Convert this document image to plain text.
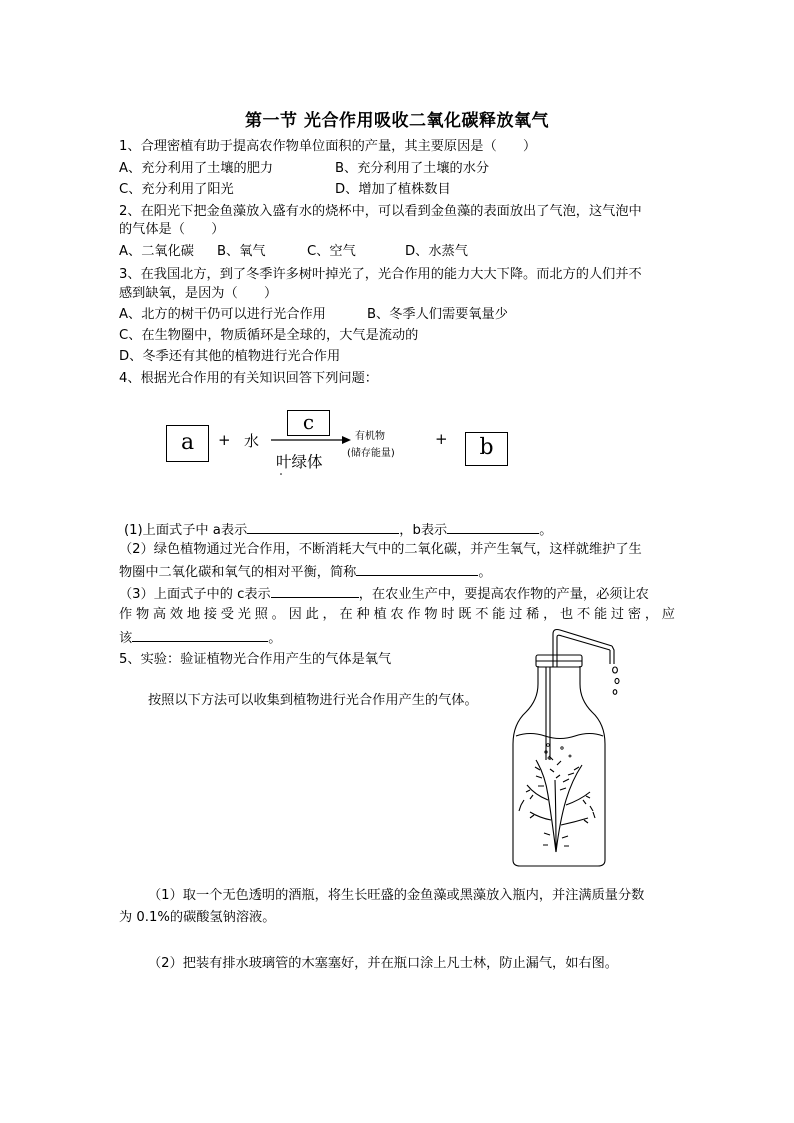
第一节 光合作用吸收二氧化碳释放氧气
1、合理密植有助于提高农作物单位面积的产量，其主要原因是（　　）
A、充分利用了土壤的肥力	B、充分利用了土壤的水分
C、充分利用了阳光	D、增加了植株数目
2、在阳光下把金鱼藻放入盛有水的烧杯中，可以看到金鱼藻的表面放出了气泡，这气泡中
的气体是（　　）
A、二氧化碳 B、氧气	C、空气	D、水蒸气
3、在我国北方，到了冬季许多树叶掉光了，光合作用的能力大大下降。而北方的人们并不
感到缺氧，是因为（　　）
A、北方的树干仍可以进行光合作用	B、冬季人们需要氧量少
C、在生物圈中，物质循环是全球的，大气是流动的
D、冬季还有其他的植物进行光合作用
4、根据光合作用的有关知识回答下列问题：
a	+ 水
c
叶绿体
有机物
(储存能量)
+	b
(1)上面式子中 a表示	，b表示	。
（2）绿色植物通过光合作用，不断消耗大气中的二氧化碳，并产生氧气，这样就维护了生
物圈中二氧化碳和氧气的相对平衡，简称	。
（3）上面式子中的 c表示	，在农业生产中，要提高农作物的产量，必须让农
作物高效地接受光照。因此，在种植农作物时既不能过稀，也不能过密，应
该	。
5、实验：验证植物光合作用产生的气体是氧气
按照以下方法可以收集到植物进行光合作用产生的气体。
（1）取一个无色透明的酒瓶，将生长旺盛的金鱼藻或黑藻放入瓶内，并注满质量分数
为 0.1%的碳酸氢钠溶液。
（2）把装有排水玻璃管的木塞塞好，并在瓶口涂上凡士林，防止漏气，如右图。
